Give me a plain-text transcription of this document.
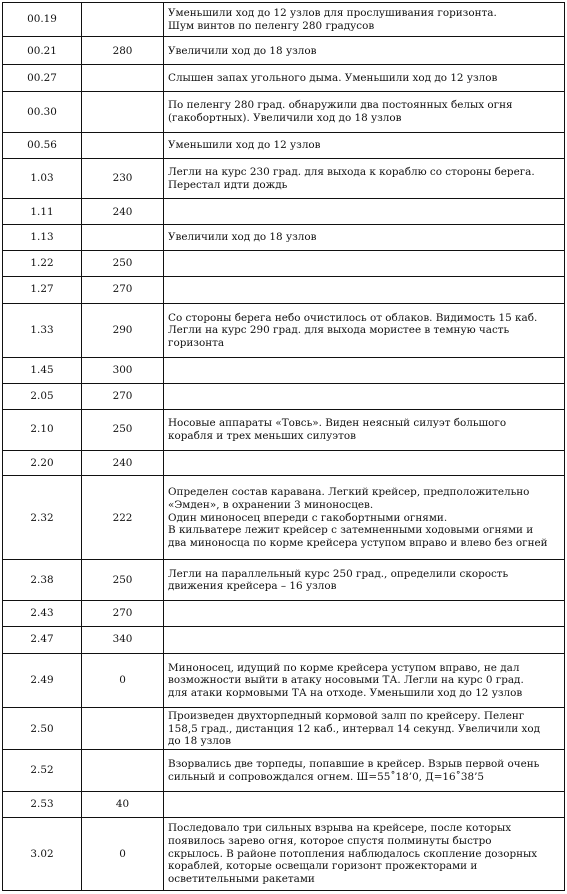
00.19		Уменьшили ход до 12 узлов для прослушивания горизонта.
Шум винтов по пеленгу 280 градусов
00.21	280	Увеличили ход до 18 узлов
00.27		Слышен запах угольного дыма. Уменьшили ход до 12 узлов
00.30		По пеленгу 280 град. обнаружили два постоянных белых огня
(гакобортных). Увеличили ход до 18 узлов
00.56		Уменьшили ход до 12 узлов
1.03	230	Легли на курс 230 град. для выхода к кораблю со стороны берега.
Перестал идти дождь
1.11	240	
1.13		Увеличили ход до 18 узлов
1.22	250	
1.27	270	
1.33	290	Со стороны берега небо очистилось от облаков. Видимость 15 каб.
Легли на курс 290 град. для выхода мористее в темную часть
горизонта
1.45	300	
2.05	270	
2.10	250	Носовые аппараты «Товсь». Виден неясный силуэт большого
корабля и трех меньших силуэтов
2.20	240	
2.32	222	Определен состав каравана. Легкий крейсер, предположительно
«Эмден», в охранении 3 миноносцев.
Один миноносец впереди с гакобортными огнями.
В кильватере лежит крейсер с затемненными ходовыми огнями и
два миноносца по корме крейсера уступом вправо и влево без огней
2.38	250	Легли на параллельный курс 250 град., определили скорость
движения крейсера – 16 узлов
2.43	270	
2.47	340	
2.49	0	Миноносец, идущий по корме крейсера уступом вправо, не дал
возможности выйти в атаку носовыми ТА. Легли на курс 0 град.
для атаки кормовыми ТА на отходе. Уменьшили ход до 12 узлов
2.50		Произведен двухторпедный кормовой залп по крейсеру. Пеленг
158,5 град., дистанция 12 каб., интервал 14 секунд. Увеличили ход
до 18 узлов
2.52		Взорвались две торпеды, попавшие в крейсер. Взрыв первой очень
сильный и сопровождался огнем. Ш=55˚18’0, Д=16˚38’5
2.53	40	
3.02	0	Последовало три сильных взрыва на крейсере, после которых
появилось зарево огня, которое спустя полминуты быстро
скрылось. В районе потопления наблюдалось скопление дозорных
кораблей, которые освещали горизонт прожекторами и
осветительными ракетами
